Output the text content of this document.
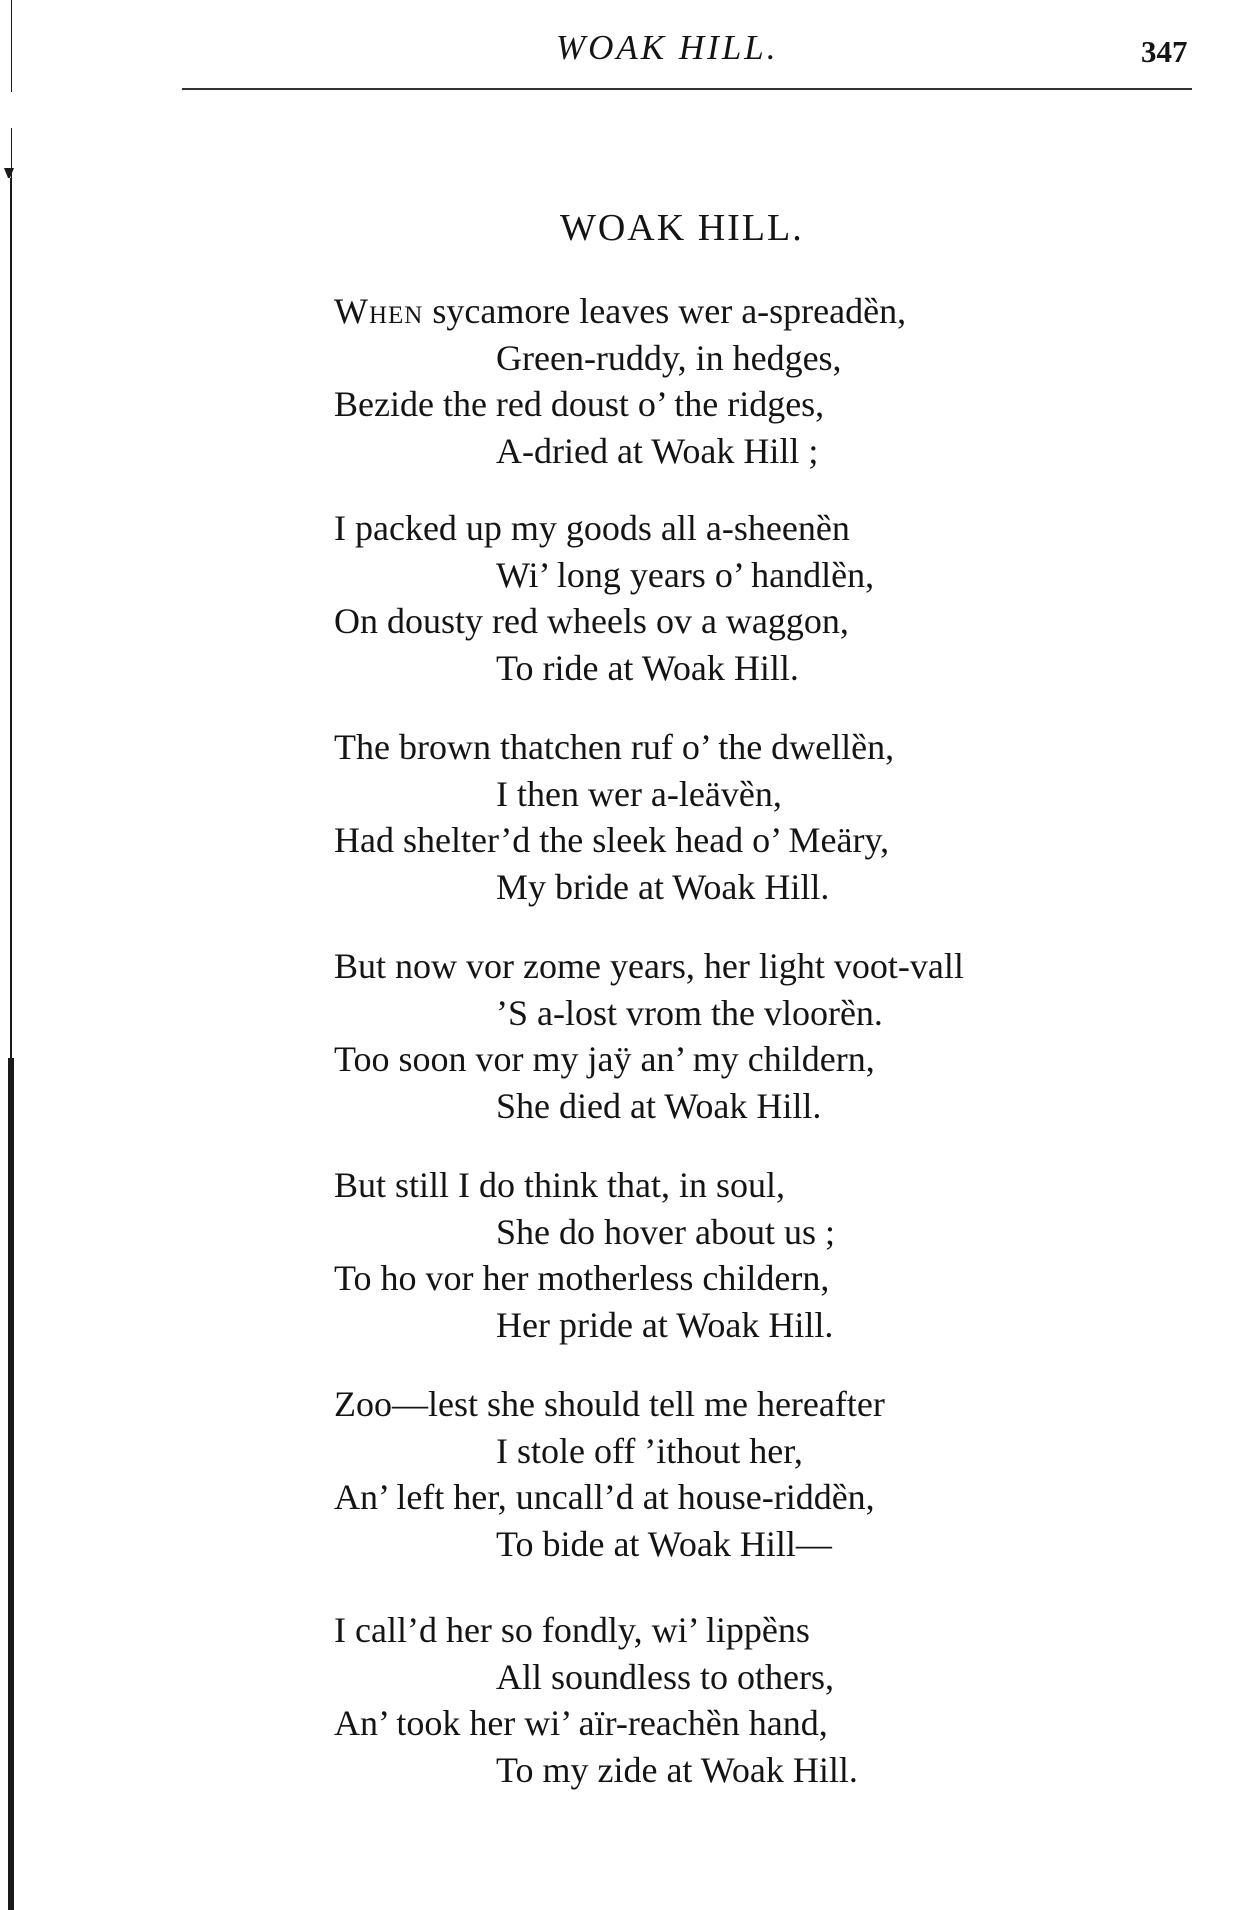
WOAK HILL.	347
WOAK HILL.
When sycamore leaves wer a-spreadȅn,
Green-ruddy, in hedges,
Bezide the red doust o’ the ridges,
A-dried at Woak Hill ;
I packed up my goods all a-sheenȅn
Wi’ long years o’ handlȅn,
On dousty red wheels ov a waggon,
To ride at Woak Hill.
The brown thatchen ruf o’ the dwellȅn,
I then wer a-leävȅn,
Had shelter’d the sleek head o’ Meäry,
My bride at Woak Hill.
But now vor zome years, her light voot-vall
’S a-lost vrom the vloorȅn.
Too soon vor my jaÿ an’ my childern,
She died at Woak Hill.
But still I do think that, in soul,
She do hover about us ;
To ho vor her motherless childern,
Her pride at Woak Hill.
Zoo—lest she should tell me hereafter
I stole off ’ithout her,
An’ left her, uncall’d at house-riddȅn,
To bide at Woak Hill—
I call’d her so fondly, wi’ lippȅns
All soundless to others,
An’ took her wi’ aïr-reachȅn hand,
To my zide at Woak Hill.
